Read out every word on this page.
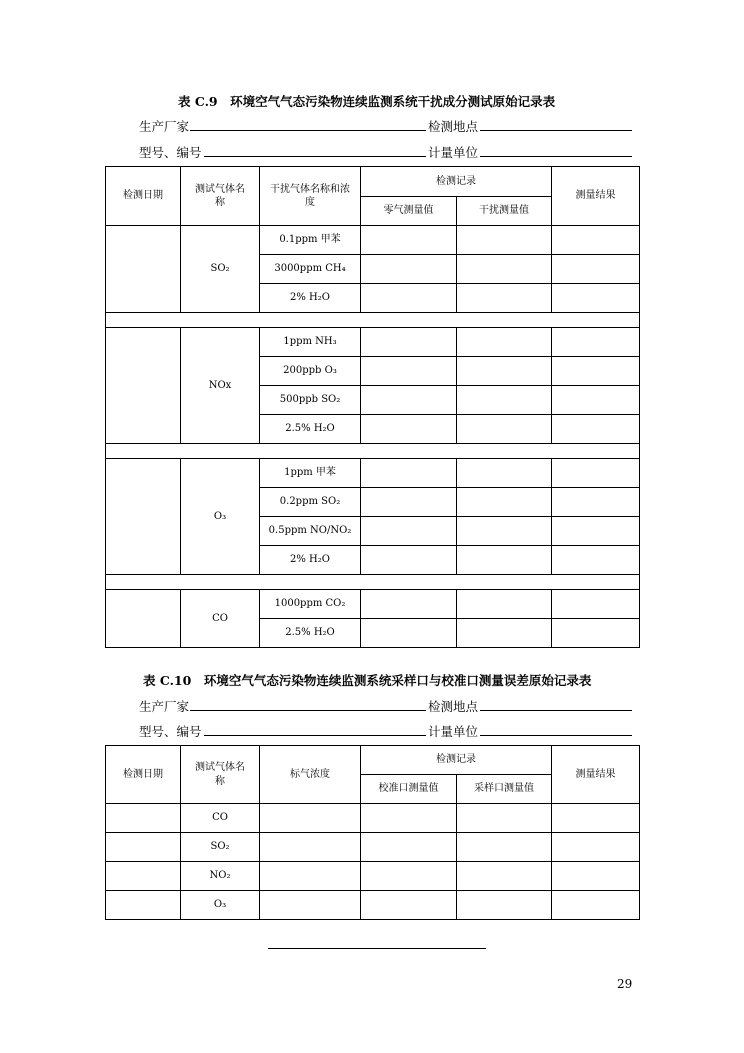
表 C.9　环境空气气态污染物连续监测系统干扰成分测试原始记录表
生产厂家	检测地点
型号、编号	计量单位
检测日期	测试气体名称	干扰气体名称和浓度	检测记录		测量结果
			零气测量值	干扰测量值	
	SO₂	0.1ppm 甲苯			
		3000ppm CH₄			
		2% H₂O			

	NOx	1ppm NH₃			
		200ppb O₃			
		500ppb SO₂			
		2.5% H₂O			

	O₃	1ppm 甲苯			
		0.2ppm SO₂			
		0.5ppm NO/NO₂			
		2% H₂O			

	CO	1000ppm CO₂			
		2.5% H₂O			
表 C.10　环境空气气态污染物连续监测系统采样口与校准口测量误差原始记录表
生产厂家	检测地点
型号、编号	计量单位
检测日期	测试气体名称	标气浓度	检测记录		测量结果
			校准口测量值	采样口测量值	
	CO				
	SO₂				
	NO₂				
	O₃				
29
